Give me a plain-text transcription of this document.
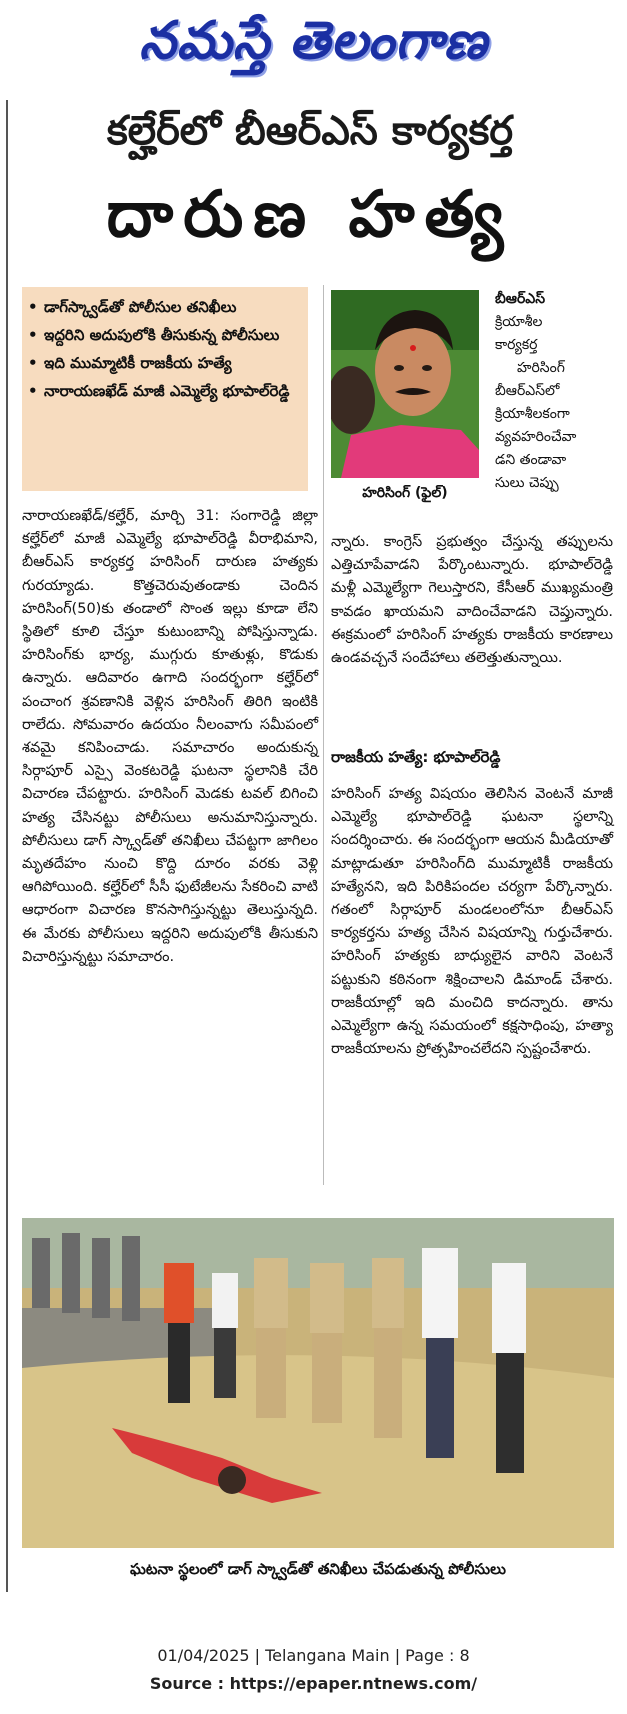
నమస్తే తెలంగాణ
కల్హేర్‌లో బీఆర్‌ఎస్ కార్యకర్త
దారుణ హత్య
• డాగ్‌స్క్వాడ్‌తో పోలీసుల తనిఖీలు
• ఇద్దరిని అదుపులోకి తీసుకున్న పోలీసులు
• ఇది ముమ్మాటికీ రాజకీయ హత్యే
• నారాయణఖేడ్ మాజీ ఎమ్మెల్యే భూపాల్‌రెడ్డి
హరిసింగ్ (ఫైల్)
బీఆర్‌ఎస్
క్రియాశీల
కార్యకర్త
హరిసింగ్
బీఆర్‌ఎస్‌లో
క్రియాశీలకంగా
వ్యవహరించేవా
డని తండావా
సులు చెప్పు

నారాయణఖేడ్/కల్హేర్, మార్చి 31: సంగారెడ్డి జిల్లా కల్హేర్‌లో మాజీ ఎమ్మెల్యే భూపాల్‌రెడ్డి వీరాభిమాని, బీఆర్‌ఎస్ కార్యకర్త హరిసింగ్ దారుణ హత్యకు గురయ్యాడు. కొత్తచెరువుతండాకు చెందిన హరిసింగ్(50)కు తండాలో సొంత ఇల్లు కూడా లేని స్థితిలో కూలి చేస్తూ కుటుంబాన్ని పోషిస్తున్నాడు. హరిసింగ్‌కు భార్య, ముగ్గురు కూతుళ్లు, కొడుకు ఉన్నారు. ఆదివారం ఉగాది సందర్భంగా కల్హేర్‌లో పంచాంగ శ్రవణానికి వెళ్లిన హరిసింగ్ తిరిగి ఇంటికి రాలేదు. సోమవారం ఉదయం నీలంవాగు సమీపంలో శవమై కనిపించాడు. సమాచారం అందుకున్న సిర్గాపూర్ ఎస్సై వెంకటరెడ్డి ఘటనా స్థలానికి చేరి విచారణ చేపట్టారు. హరిసింగ్ మెడకు టవల్ బిగించి హత్య చేసినట్టు పోలీసులు అనుమానిస్తున్నారు. పోలీసులు డాగ్ స్క్వాడ్‌తో తనిఖీలు చేపట్టగా జాగిలం మృతదేహం నుంచి కొద్ది దూరం వరకు వెళ్లి ఆగిపోయింది. కల్హేర్‌లో సీసీ ఫుటేజీలను సేకరించి వాటి ఆధారంగా విచారణ కొనసాగిస్తున్నట్టు తెలుస్తున్నది. ఈ మేరకు పోలీసులు ఇద్దరిని అదుపులోకి తీసుకుని విచారిస్తున్నట్టు సమాచారం.

న్నారు. కాంగ్రెస్ ప్రభుత్వం చేస్తున్న తప్పులను ఎత్తిచూపేవాడని పేర్కొంటున్నారు. భూపాల్‌రెడ్డి మళ్లీ ఎమ్మెల్యేగా గెలుస్తారని, కేసీఆర్ ముఖ్యమంత్రి కావడం ఖాయమని వాదించేవాడని చెప్తున్నారు. ఈక్రమంలో హరిసింగ్ హత్యకు రాజకీయ కారణాలు ఉండవచ్చనే సందేహాలు తలెత్తుతున్నాయి.

రాజకీయ హత్యే: భూపాల్‌రెడ్డి

హరిసింగ్ హత్య విషయం తెలిసిన వెంటనే మాజీ ఎమ్మెల్యే భూపాల్‌రెడ్డి ఘటనా స్థలాన్ని సందర్శించారు. ఈ సందర్భంగా ఆయన మీడియాతో మాట్లాడుతూ హరిసింగ్‌ది ముమ్మాటికీ రాజకీయ హత్యేనని, ఇది పిరికిపందల చర్యగా పేర్కొన్నారు. గతంలో సిర్గాపూర్ మండలంలోనూ బీఆర్‌ఎస్ కార్యకర్తను హత్య చేసిన విషయాన్ని గుర్తుచేశారు. హరిసింగ్ హత్యకు బాధ్యులైన వారిని వెంటనే పట్టుకుని కఠినంగా శిక్షించాలని డిమాండ్ చేశారు. రాజకీయాల్లో ఇది మంచిది కాదన్నారు. తాను ఎమ్మెల్యేగా ఉన్న సమయంలో కక్షసాధింపు, హత్యా రాజకీయాలను ప్రోత్సహించలేదని స్పష్టంచేశారు.

ఘటనా స్థలంలో డాగ్ స్క్వాడ్‌తో తనిఖీలు చేపడుతున్న పోలీసులు
01/04/2025 | Telangana Main | Page : 8
Source : https://epaper.ntnews.com/
